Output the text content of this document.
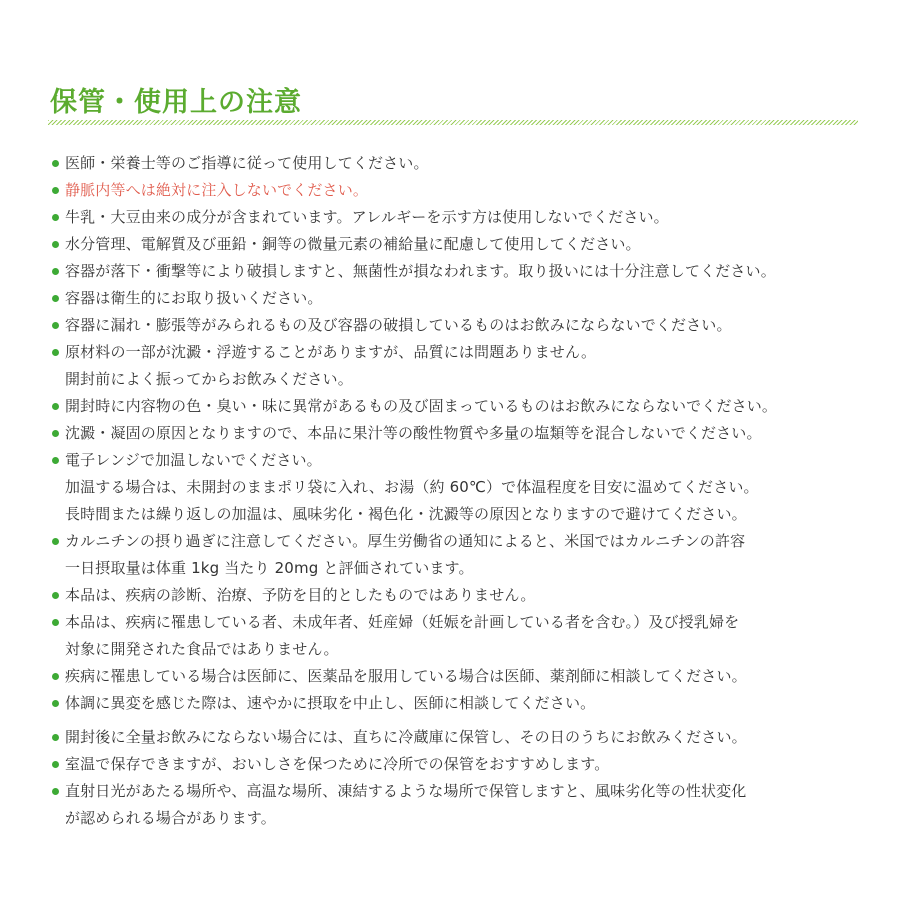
保管・使用上の注意
医師・栄養士等のご指導に従って使用してください。
静脈内等へは絶対に注入しないでください。
牛乳・大豆由来の成分が含まれています。アレルギーを示す方は使用しないでください。
水分管理、電解質及び亜鉛・銅等の微量元素の補給量に配慮して使用してください。
容器が落下・衝撃等により破損しますと、無菌性が損なわれます。取り扱いには十分注意してください。
容器は衛生的にお取り扱いください。
容器に漏れ・膨張等がみられるもの及び容器の破損しているものはお飲みにならないでください。
原材料の一部が沈澱・浮遊することがありますが、品質には問題ありません。
開封前によく振ってからお飲みください。
開封時に内容物の色・臭い・味に異常があるもの及び固まっているものはお飲みにならないでください。
沈澱・凝固の原因となりますので、本品に果汁等の酸性物質や多量の塩類等を混合しないでください。
電子レンジで加温しないでください。
加温する場合は、未開封のままポリ袋に入れ、お湯（約 60℃）で体温程度を目安に温めてください。
長時間または繰り返しの加温は、風味劣化・褐色化・沈澱等の原因となりますので避けてください。
カルニチンの摂り過ぎに注意してください。厚生労働省の通知によると、米国ではカルニチンの許容
一日摂取量は体重 1kg 当たり 20mg と評価されています。
本品は、疾病の診断、治療、予防を目的としたものではありません。
本品は、疾病に罹患している者、未成年者、妊産婦（妊娠を計画している者を含む。）及び授乳婦を
対象に開発された食品ではありません。
疾病に罹患している場合は医師に、医薬品を服用している場合は医師、薬剤師に相談してください。
体調に異変を感じた際は、速やかに摂取を中止し、医師に相談してください。
開封後に全量お飲みにならない場合には、直ちに冷蔵庫に保管し、その日のうちにお飲みください。
室温で保存できますが、おいしさを保つために冷所での保管をおすすめします。
直射日光があたる場所や、高温な場所、凍結するような場所で保管しますと、風味劣化等の性状変化
が認められる場合があります。
